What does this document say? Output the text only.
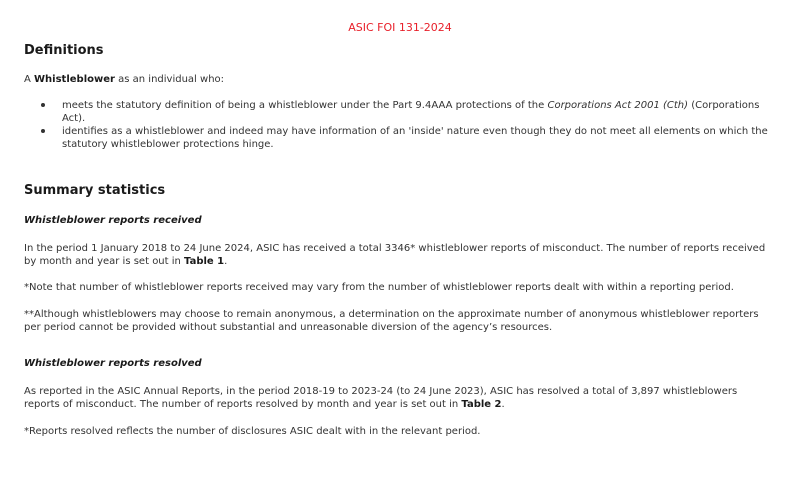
ASIC FOI 131-2024
Definitions

A Whistleblower as an individual who:

meets the statutory definition of being a whistleblower under the Part 9.4AAA protections of the Corporations Act 2001 (Cth) (Corporations Act).
identifies as a whistleblower and indeed may have information of an 'inside' nature even though they do not meet all elements on which the statutory whistleblower protections hinge.
Summary statistics
Whistleblower reports received

In the period 1 January 2018 to 24 June 2024, ASIC has received a total 3346* whistleblower reports of misconduct. The number of reports received by month and year is set out in Table 1.

*Note that number of whistleblower reports received may vary from the number of whistleblower reports dealt with within a reporting period.

**Although whistleblowers may choose to remain anonymous, a determination on the approximate number of anonymous whistleblower reporters per period cannot be provided without substantial and unreasonable diversion of the agency’s resources.

Whistleblower reports resolved

As reported in the ASIC Annual Reports, in the period 2018-19 to 2023-24 (to 24 June 2023), ASIC has resolved a total of 3,897 whistleblowers reports of misconduct. The number of reports resolved by month and year is set out in Table 2.

*Reports resolved reflects the number of disclosures ASIC dealt with in the relevant period.
